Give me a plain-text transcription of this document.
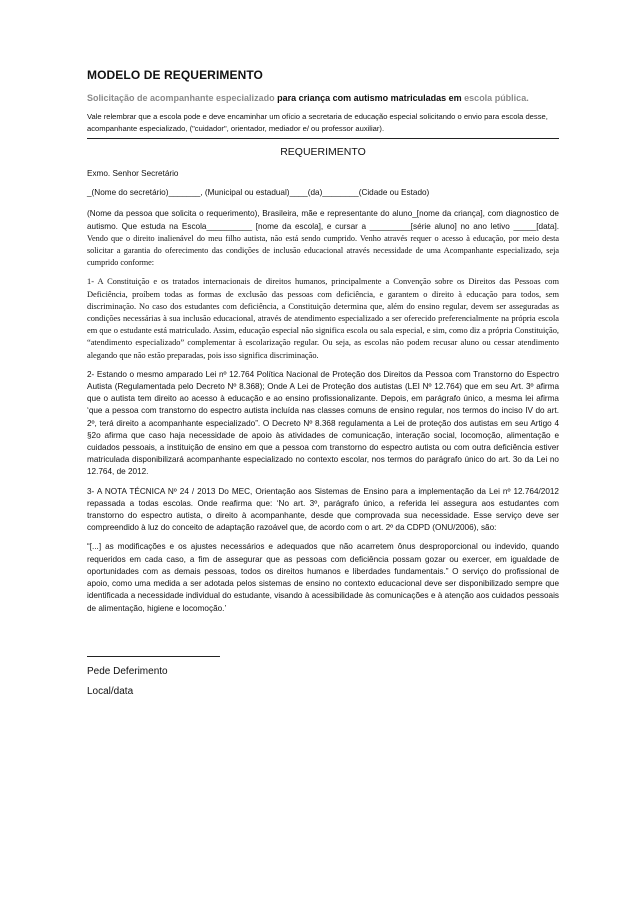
MODELO DE REQUERIMENTO
Solicitação de acompanhante especializado para criança com autismo matriculadas em escola pública.
Vale relembrar que a escola pode e deve encaminhar um ofício a secretaria de educação especial solicitando o envio para escola desse, acompanhante especializado, ("cuidador", orientador, mediador e/ ou professor auxiliar).
REQUERIMENTO
Exmo. Senhor Secretário
_(Nome do secretário)_______, (Municipal ou estadual)____(da)________(Cidade ou Estado)
(Nome da pessoa que solicita o requerimento), Brasileira, mãe e representante do aluno_[nome da criança], com diagnostico de autismo. Que estuda na Escola__________ [nome da escola], e cursar a _________[série aluno] no ano letivo _____[data]. Vendo que o direito inalienável do meu filho autista, não está sendo cumprido. Venho através requer o acesso à educação, por meio desta solicitar a garantia do oferecimento das condições de inclusão educacional através necessidade de uma Acompanhante especializado, seja cumprido conforme:
1- A Constituição e os tratados internacionais de direitos humanos, principalmente a Convenção sobre os Direitos das Pessoas com Deficiência, proíbem todas as formas de exclusão das pessoas com deficiência, e garantem o direito à educação para todos, sem discriminação. No caso dos estudantes com deficiência, a Constituição determina que, além do ensino regular, devem ser asseguradas as condições necessárias à sua inclusão educacional, através de atendimento especializado a ser oferecido preferencialmente na própria escola em que o estudante está matriculado. Assim, educação especial não significa escola ou sala especial, e sim, como diz a própria Constituição, “atendimento especializado” complementar à escolarização regular. Ou seja, as escolas não podem recusar aluno ou cessar atendimento alegando que não estão preparadas, pois isso significa discriminação.
2- Estando o mesmo amparado Lei nº 12.764 Política Nacional de Proteção dos Direitos da Pessoa com Transtorno do Espectro Autista (Regulamentada pelo Decreto Nº 8.368); Onde A Lei de Proteção dos autistas (LEI Nº 12.764) que em seu Art. 3º afirma que o autista tem direito ao acesso à educação e ao ensino profissionalizante. Depois, em parágrafo único, a mesma lei afirma ‘que a pessoa com transtorno do espectro autista incluída nas classes comuns de ensino regular, nos termos do inciso IV do art. 2º, terá direito a acompanhante especializado”. O Decreto Nº 8.368 regulamenta a Lei de proteção dos autistas em seu Artigo 4 §2o afirma que caso haja necessidade de apoio às atividades de comunicação, interação social, locomoção, alimentação e cuidados pessoais, a instituição de ensino em que a pessoa com transtorno do espectro autista ou com outra deficiência estiver matriculada disponibilizará acompanhante especializado no contexto escolar, nos termos do parágrafo único do art. 3o da Lei no 12.764, de 2012.
3- A NOTA TÉCNICA Nº 24 / 2013 Do MEC, Orientação aos Sistemas de Ensino para a implementação da Lei nº 12.764/2012 repassada a todas escolas. Onde reafirma que: ‘No art. 3º, parágrafo único, a referida lei assegura aos estudantes com transtorno do espectro autista, o direito à acompanhante, desde que comprovada sua necessidade. Esse serviço deve ser compreendido à luz do conceito de adaptação razoável que, de acordo com o art. 2º da CDPD (ONU/2006), são:
“[...] as modificações e os ajustes necessários e adequados que não acarretem ônus desproporcional ou indevido, quando requeridos em cada caso, a fim de assegurar que as pessoas com deficiência possam gozar ou exercer, em igualdade de oportunidades com as demais pessoas, todos os direitos humanos e liberdades fundamentais.” O serviço do profissional de apoio, como uma medida a ser adotada pelos sistemas de ensino no contexto educacional deve ser disponibilizado sempre que identificada a necessidade individual do estudante, visando à acessibilidade às comunicações e à atenção aos cuidados pessoais de alimentação, higiene e locomoção.’
Pede Deferimento
Local/data
